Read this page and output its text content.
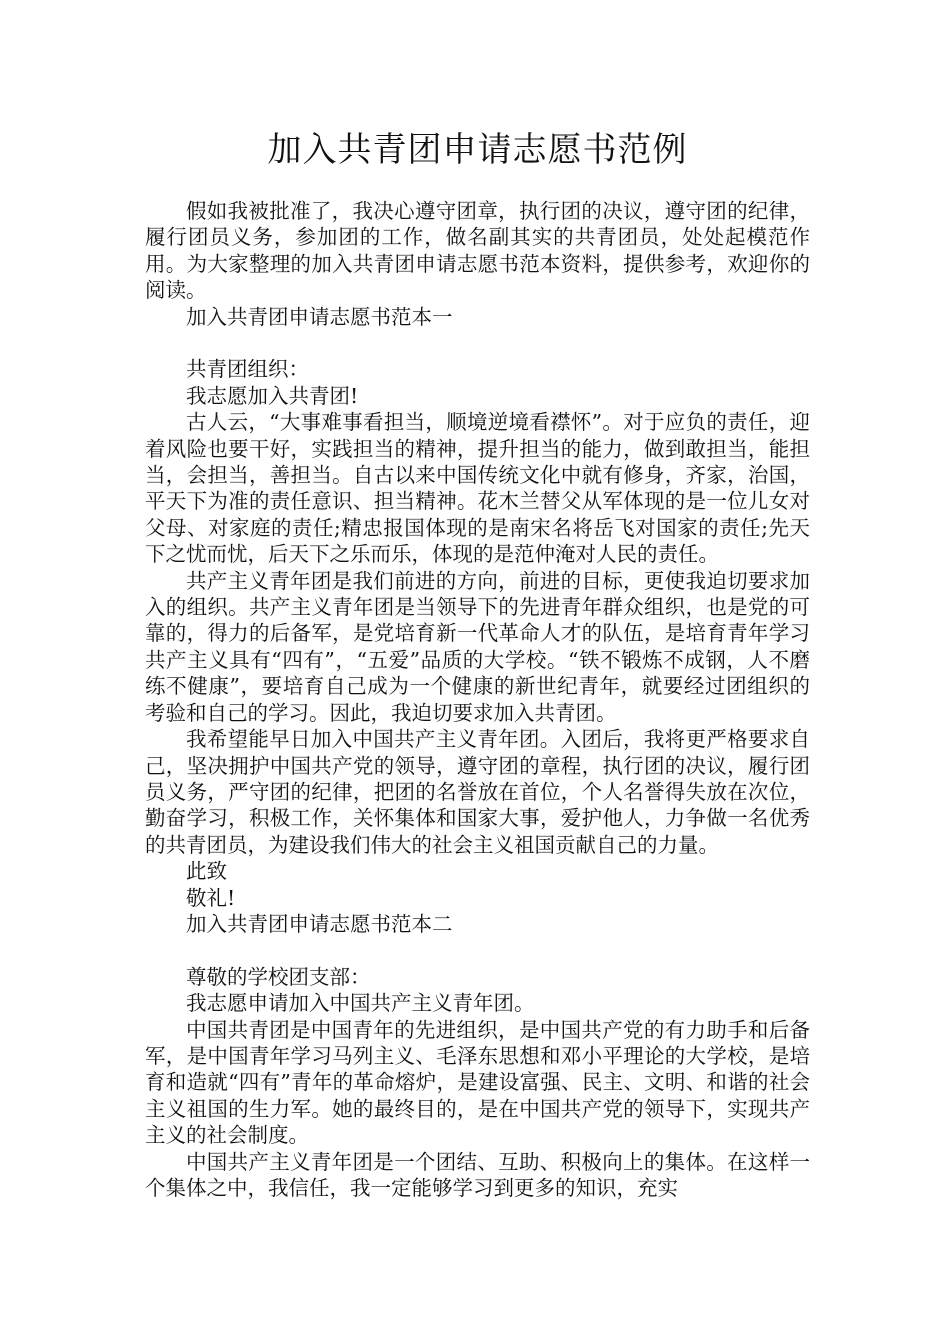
加入共青团申请志愿书范例

假如我被批准了，我决心遵守团章，执行团的决议，遵守团的纪律，履行团员义务，参加团的工作，做名副其实的共青团员，处处起模范作用。为大家整理的加入共青团申请志愿书范本资料，提供参考，欢迎你的阅读。

加入共青团申请志愿书范本一

共青团组织：

我志愿加入共青团!

古人云，“大事难事看担当，顺境逆境看襟怀”。对于应负的责任，迎着风险也要干好，实践担当的精神，提升担当的能力，做到敢担当，能担当，会担当，善担当。自古以来中国传统文化中就有修身，齐家，治国，平天下为准的责任意识、担当精神。花木兰替父从军体现的是一位儿女对父母、对家庭的责任;精忠报国体现的是南宋名将岳飞对国家的责任;先天下之忧而忧，后天下之乐而乐，体现的是范仲淹对人民的责任。

共产主义青年团是我们前进的方向，前进的目标，更使我迫切要求加入的组织。共产主义青年团是当领导下的先进青年群众组织，也是党的可靠的，得力的后备军，是党培育新一代革命人才的队伍，是培育青年学习共产主义具有“四有”，“五爱”品质的大学校。“铁不锻炼不成钢，人不磨练不健康”，要培育自己成为一个健康的新世纪青年，就要经过团组织的考验和自己的学习。因此，我迫切要求加入共青团。

我希望能早日加入中国共产主义青年团。入团后，我将更严格要求自己，坚决拥护中国共产党的领导，遵守团的章程，执行团的决议，履行团员义务，严守团的纪律，把团的名誉放在首位，个人名誉得失放在次位，勤奋学习，积极工作，关怀集体和国家大事，爱护他人，力争做一名优秀的共青团员，为建设我们伟大的社会主义祖国贡献自己的力量。

此致

敬礼!

加入共青团申请志愿书范本二

尊敬的学校团支部：

我志愿申请加入中国共产主义青年团。

中国共青团是中国青年的先进组织，是中国共产党的有力助手和后备军，是中国青年学习马列主义、毛泽东思想和邓小平理论的大学校，是培育和造就“四有”青年的革命熔炉，是建设富强、民主、文明、和谐的社会主义祖国的生力军。她的最终目的，是在中国共产党的领导下，实现共产主义的社会制度。

中国共产主义青年团是一个团结、互助、积极向上的集体。在这样一个集体之中，我信任，我一定能够学习到更多的知识，充实
